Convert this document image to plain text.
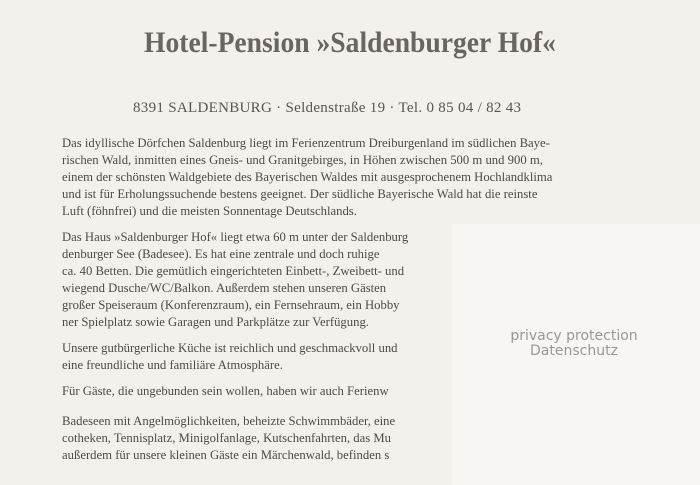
Hotel-Pension »Saldenburger Hof«
8391 SALDENBURG · Seldenstraße 19 · Tel. 0 85 04 / 82 43
Das idyllische Dörfchen Saldenburg liegt im Ferienzentrum Dreiburgenland im südlichen Baye-
rischen Wald, inmitten eines Gneis- und Granitgebirges, in Höhen zwischen 500 m und 900 m,
einem der schönsten Waldgebiete des Bayerischen Waldes mit ausgesprochenem Hochlandklima
und ist für Erholungssuchende bestens geeignet. Der südliche Bayerische Wald hat die reinste
Luft (föhnfrei) und die meisten Sonnentage Deutschlands.
Das Haus »Saldenburger Hof« liegt etwa 60 m unter der Saldenburg
denburger See (Badesee). Es hat eine zentrale und doch ruhige
ca. 40 Betten. Die gemütlich eingerichteten Einbett-, Zweibett- und
wiegend Dusche/WC/Balkon. Außerdem stehen unseren Gästen
großer Speiseraum (Konferenzraum), ein Fernsehraum, ein Hobby
ner Spielplatz sowie Garagen und Parkplätze zur Verfügung.
Unsere gutbürgerliche Küche ist reichlich und geschmackvoll und
eine freundliche und familiäre Atmosphäre.
Für Gäste, die ungebunden sein wollen, haben wir auch Ferienw
Badeseen mit Angelmöglichkeiten, beheizte Schwimmbäder, eine
cotheken, Tennisplatz, Minigolfanlage, Kutschenfahrten, das Mu
außerdem für unsere kleinen Gäste ein Märchenwald, befinden s
privacy protection
Datenschutz
